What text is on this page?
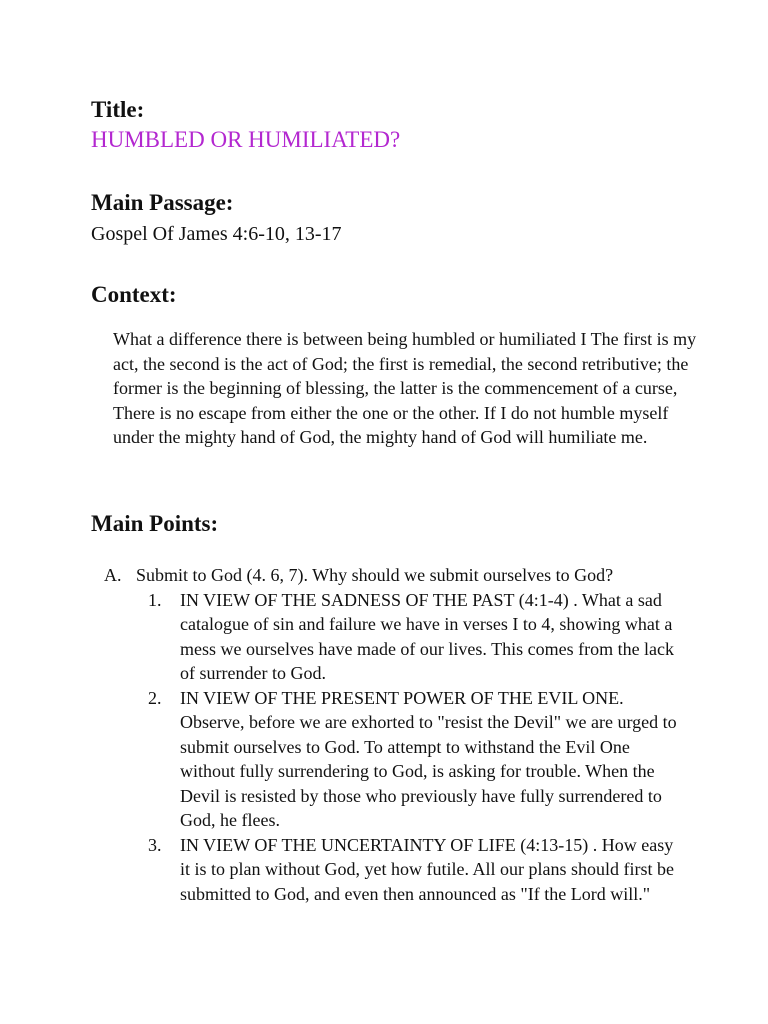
Title:
HUMBLED OR HUMILIATED?
Main Passage:
Gospel Of James 4:6-10, 13-17
Context:

What a difference there is between being humbled or humiliated I The first is my act, the second is the act of God; the first is remedial, the second retributive; the former is the beginning of blessing, the latter is the commencement of a curse, There is no escape from either the one or the other. If I do not humble myself under the mighty hand of God, the mighty hand of God will humiliate me.

Main Points:
A. Submit to God (4. 6, 7). Why should we submit ourselves to God?
1.	IN VIEW OF THE SADNESS OF THE PAST (4:1-4) . What a sad catalogue of sin and failure we have in verses I to 4, showing what a mess we ourselves have made of our lives. This comes from the lack of surrender to God.
2.	IN VIEW OF THE PRESENT POWER OF THE EVIL ONE. Observe, before we are exhorted to "resist the Devil" we are urged to submit ourselves to God. To attempt to withstand the Evil One without fully surrendering to God, is asking for trouble. When the Devil is resisted by those who previously have fully surrendered to God, he flees.
3.	IN VIEW OF THE UNCERTAINTY OF LIFE (4:13-15) . How easy it is to plan without God, yet how futile. All our plans should first be submitted to God, and even then announced as "If the Lord will."
